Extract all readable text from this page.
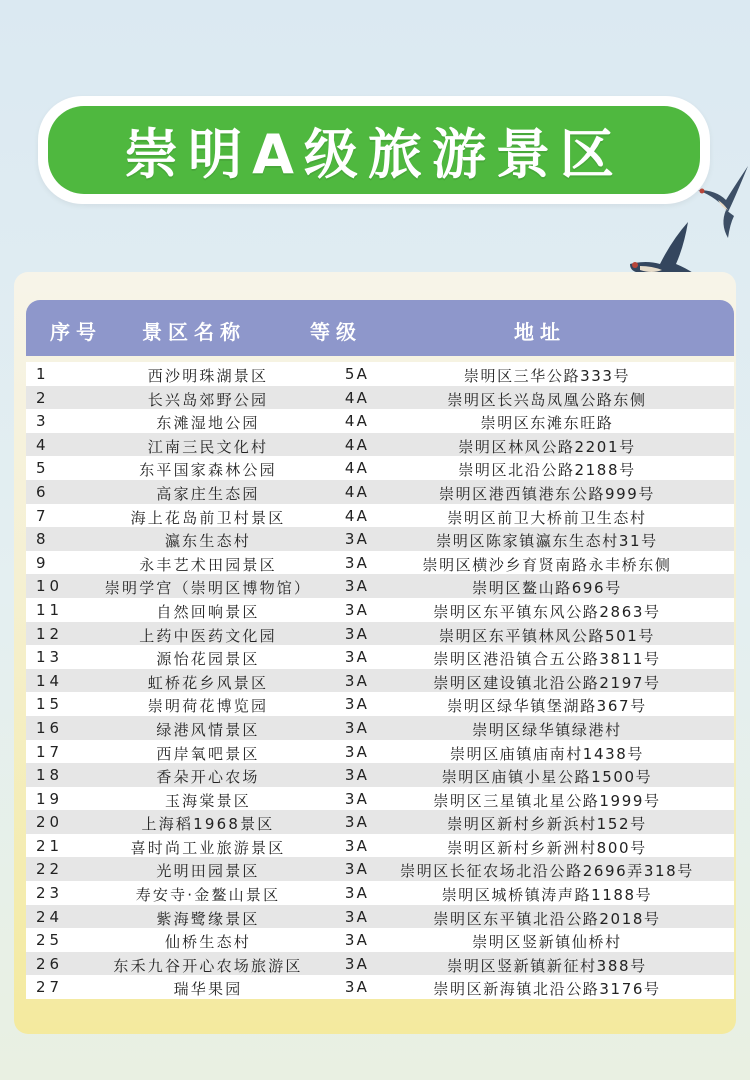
崇明A级旅游景区
序号 景区名称	等级	地址
1	西沙明珠湖景区	5A	崇明区三华公路333号
2	长兴岛郊野公园	4A	崇明区长兴岛凤凰公路东侧
3	东滩湿地公园	4A	崇明区东滩东旺路
4	江南三民文化村	4A	崇明区林风公路2201号
5	东平国家森林公园	4A	崇明区北沿公路2188号
6	高家庄生态园	4A	崇明区港西镇港东公路999号
7	海上花岛前卫村景区	4A	崇明区前卫大桥前卫生态村
8	瀛东生态村	3A	崇明区陈家镇瀛东生态村31号
9	永丰艺术田园景区	3A	崇明区横沙乡育贤南路永丰桥东侧
10	崇明学宫（崇明区博物馆）	3A	崇明区鳌山路696号
11	自然回响景区	3A	崇明区东平镇东风公路2863号
12	上药中医药文化园	3A	崇明区东平镇林风公路501号
13	源怡花园景区	3A	崇明区港沿镇合五公路3811号
14	虹桥花乡风景区	3A	崇明区建设镇北沿公路2197号
15	崇明荷花博览园	3A	崇明区绿华镇堡湖路367号
16	绿港风情景区	3A	崇明区绿华镇绿港村
17	西岸氧吧景区	3A	崇明区庙镇庙南村1438号
18	香朵开心农场	3A	崇明区庙镇小星公路1500号
19	玉海棠景区	3A	崇明区三星镇北星公路1999号
20	上海稻1968景区	3A	崇明区新村乡新浜村152号
21	喜时尚工业旅游景区	3A	崇明区新村乡新洲村800号
22	光明田园景区	3A	崇明区长征农场北沿公路2696弄318号
23	寿安寺·金鳌山景区	3A	崇明区城桥镇涛声路1188号
24	紫海鹭缘景区	3A	崇明区东平镇北沿公路2018号
25	仙桥生态村	3A	崇明区竖新镇仙桥村
26	东禾九谷开心农场旅游区	3A	崇明区竖新镇新征村388号
27	瑞华果园	3A	崇明区新海镇北沿公路3176号
